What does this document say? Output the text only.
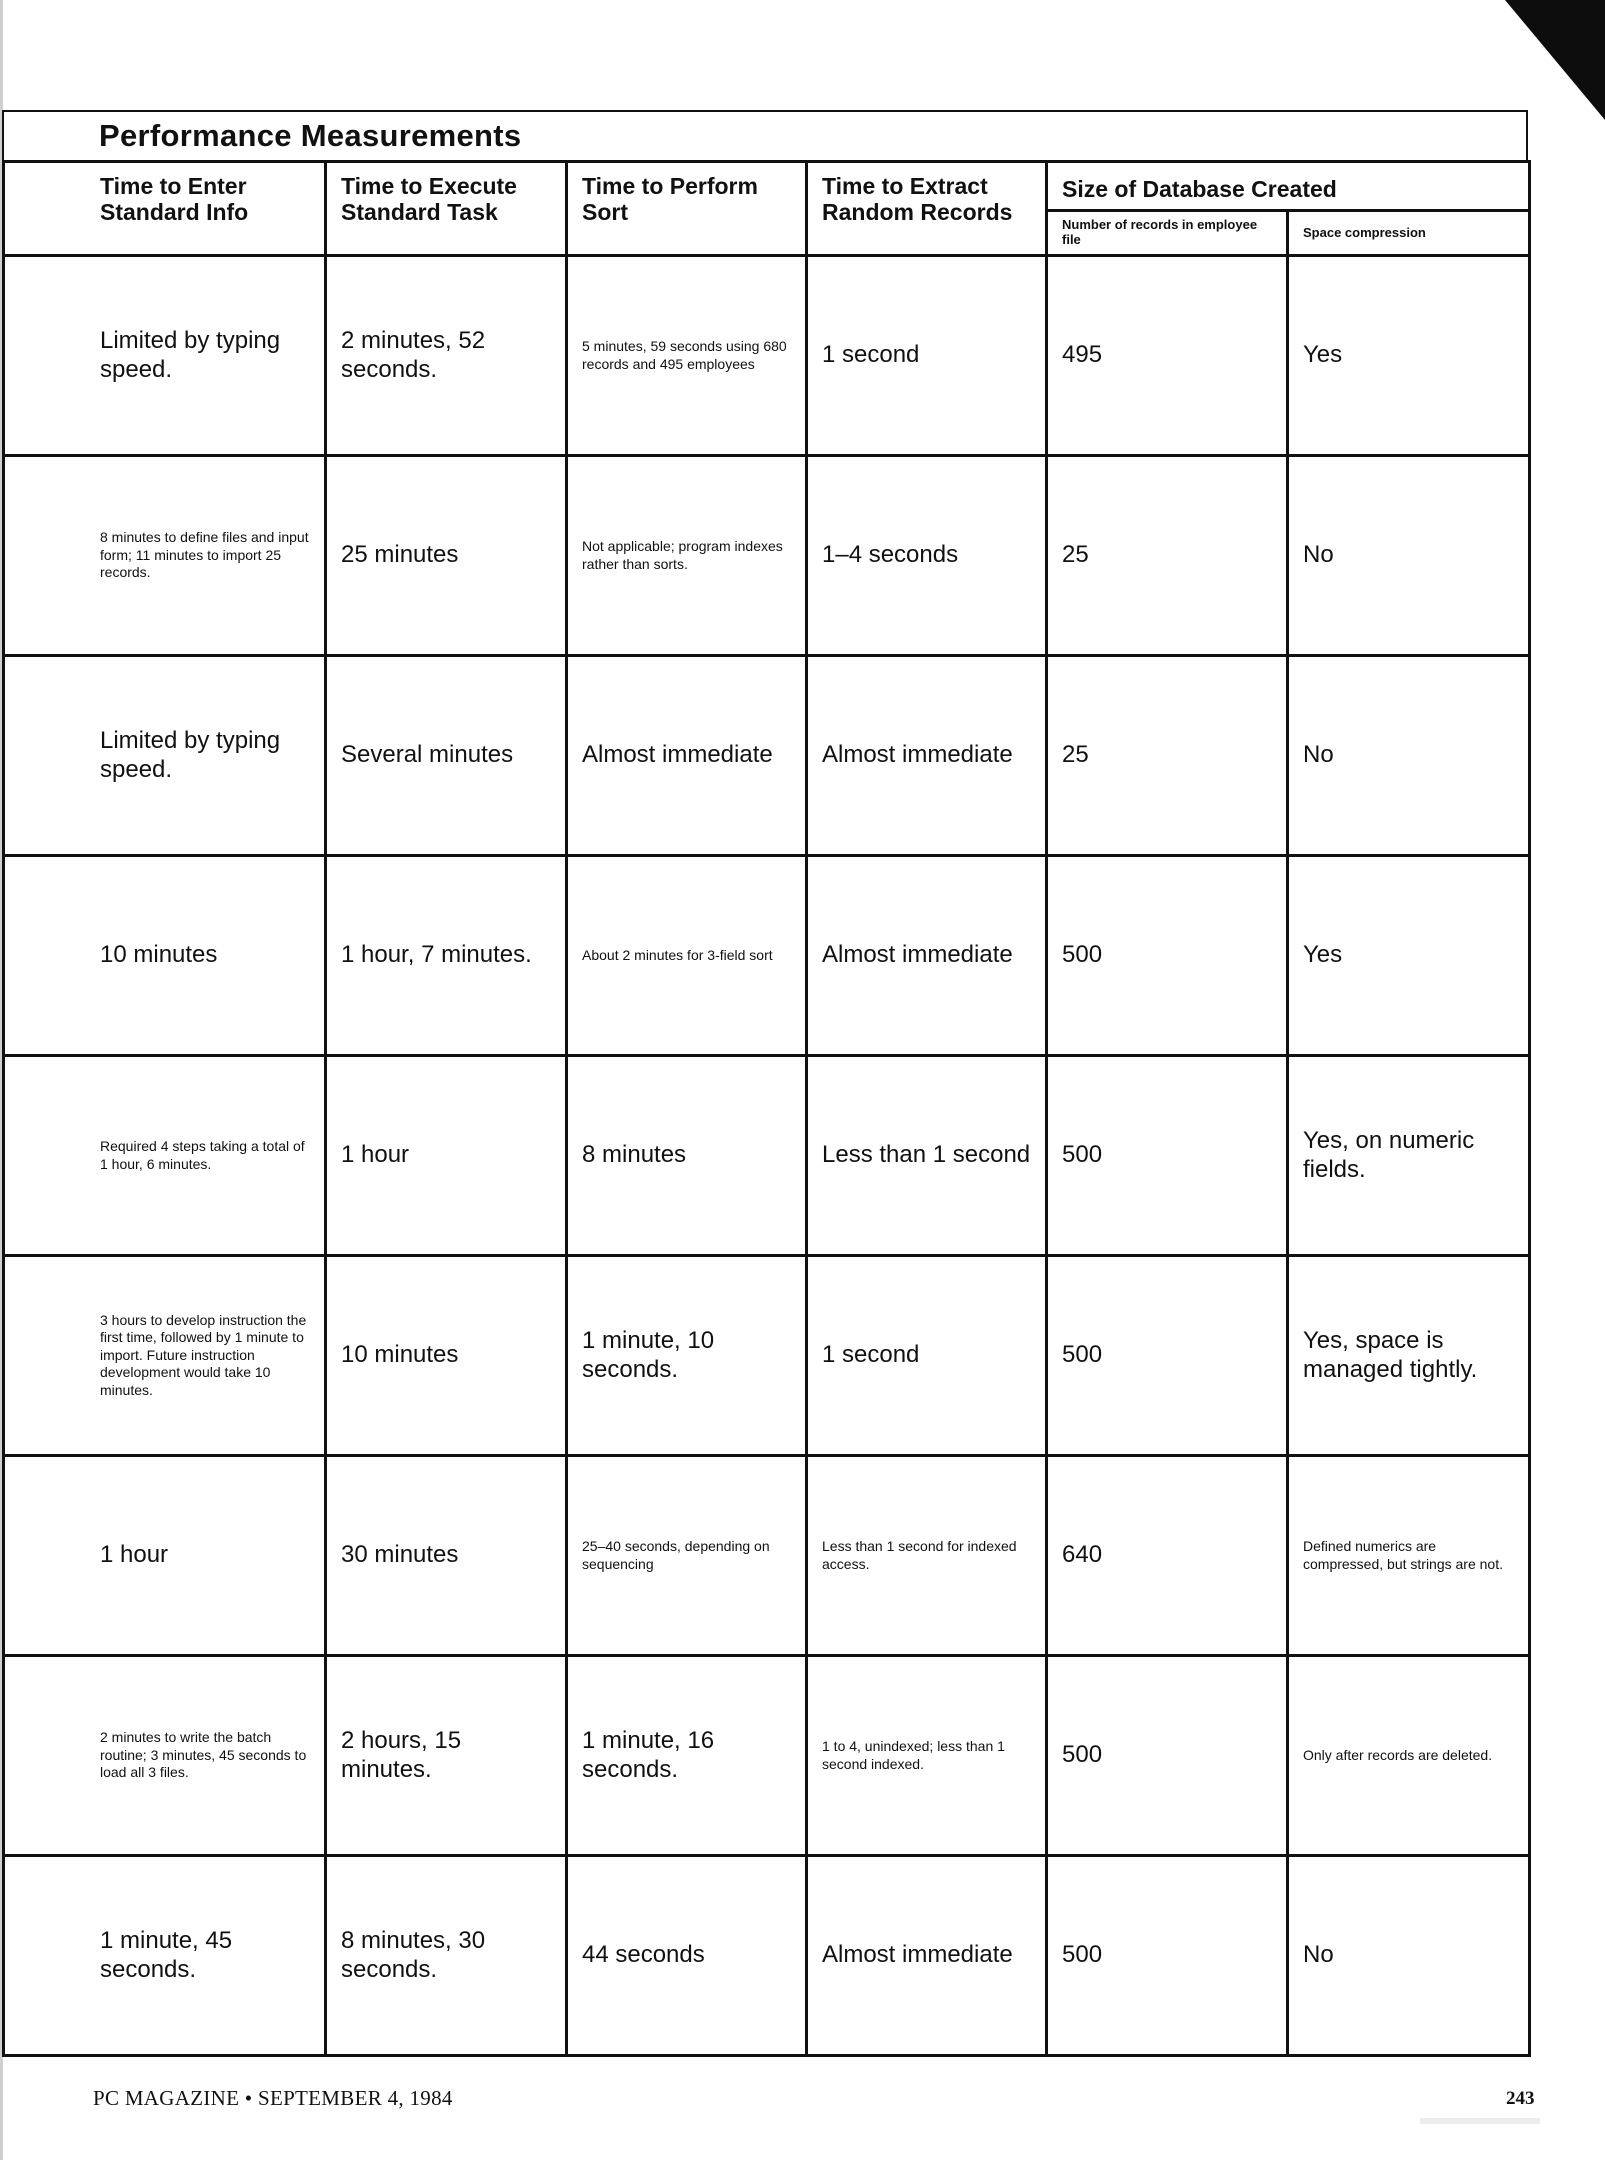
Performance Measurements
Time to Enter Standard Info	Time to Execute Standard Task	Time to Perform Sort	Time to Extract Random Records	Size of Database Created	
				Number of records in employee file	Space compression
Limited by typing speed.	2 minutes, 52 seconds.	5 minutes, 59 seconds using 680 records and 495 employees	1 second	495	Yes
8 minutes to define files and input form; 11 minutes to import 25 records.	25 minutes	Not applicable; program indexes rather than sorts.	1–4 seconds	25	No
Limited by typing speed.	Several minutes	Almost immediate	Almost immediate	25	No
10 minutes	1 hour, 7 minutes.	About 2 minutes for 3-field sort	Almost immediate	500	Yes
Required 4 steps taking a total of 1 hour, 6 minutes.	1 hour	8 minutes	Less than 1 second	500	Yes, on numeric fields.
3 hours to develop instruction the first time, followed by 1 minute to import. Future instruction development would take 10 minutes.	10 minutes	1 minute, 10 seconds.	1 second	500	Yes, space is managed tightly.
1 hour	30 minutes	25–40 seconds, depending on sequencing	Less than 1 second for indexed access.	640	Defined numerics are compressed, but strings are not.
2 minutes to write the batch routine; 3 minutes, 45 seconds to load all 3 files.	2 hours, 15 minutes.	1 minute, 16 seconds.	1 to 4, unindexed; less than 1 second indexed.	500	Only after records are deleted.
1 minute, 45 seconds.	8 minutes, 30 seconds.	44 seconds	Almost immediate	500	No
PC MAGAZINE • SEPTEMBER 4, 1984	243
